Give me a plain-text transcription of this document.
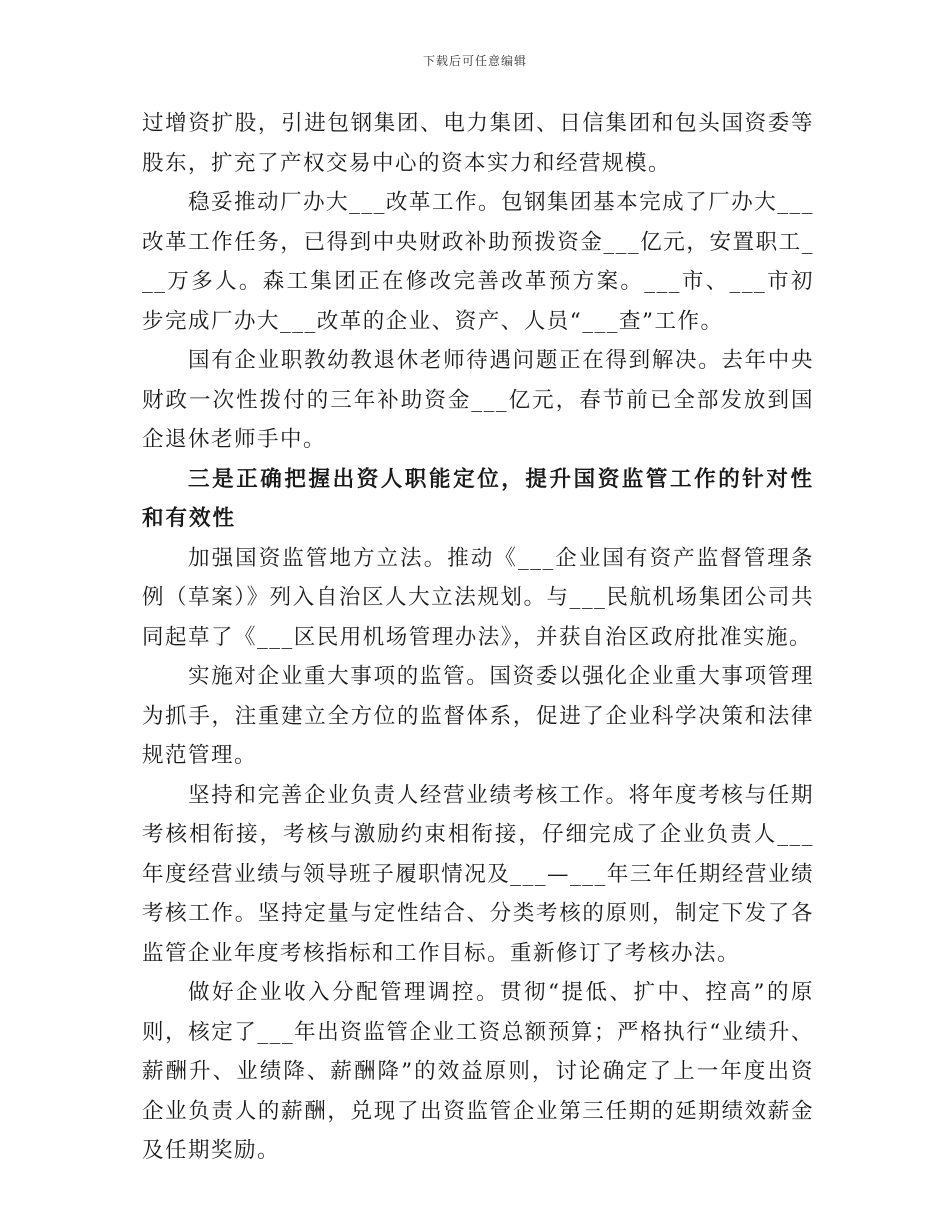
下载后可任意编辑

过增资扩股，引进包钢集团、电力集团、日信集团和包头国资委等股东，扩充了产权交易中心的资本实力和经营规模。

稳妥推动厂办大___改革工作。包钢集团基本完成了厂办大___改革工作任务，已得到中央财政补助预拨资金___亿元，安置职工___万多人。森工集团正在修改完善改革预方案。___市、___市初步完成厂办大___改革的企业、资产、人员“___查”工作。

国有企业职教幼教退休老师待遇问题正在得到解决。去年中央财政一次性拨付的三年补助资金___亿元，春节前已全部发放到国企退休老师手中。

三是正确把握出资人职能定位，提升国资监管工作的针对性和有效性

加强国资监管地方立法。推动《___企业国有资产监督管理条例（草案）》列入自治区人大立法规划。与___民航机场集团公司共同起草了《___区民用机场管理办法》，并获自治区政府批准实施。

实施对企业重大事项的监管。国资委以强化企业重大事项管理为抓手，注重建立全方位的监督体系，促进了企业科学决策和法律规范管理。

坚持和完善企业负责人经营业绩考核工作。将年度考核与任期考核相衔接，考核与激励约束相衔接，仔细完成了企业负责人___年度经营业绩与领导班子履职情况及___—___年三年任期经营业绩考核工作。坚持定量与定性结合、分类考核的原则，制定下发了各监管企业年度考核指标和工作目标。重新修订了考核办法。

做好企业收入分配管理调控。贯彻“提低、扩中、控高”的原则，核定了___年出资监管企业工资总额预算；严格执行“业绩升、薪酬升、业绩降、薪酬降”的效益原则，讨论确定了上一年度出资企业负责人的薪酬，兑现了出资监管企业第三任期的延期绩效薪金及任期奖励。
